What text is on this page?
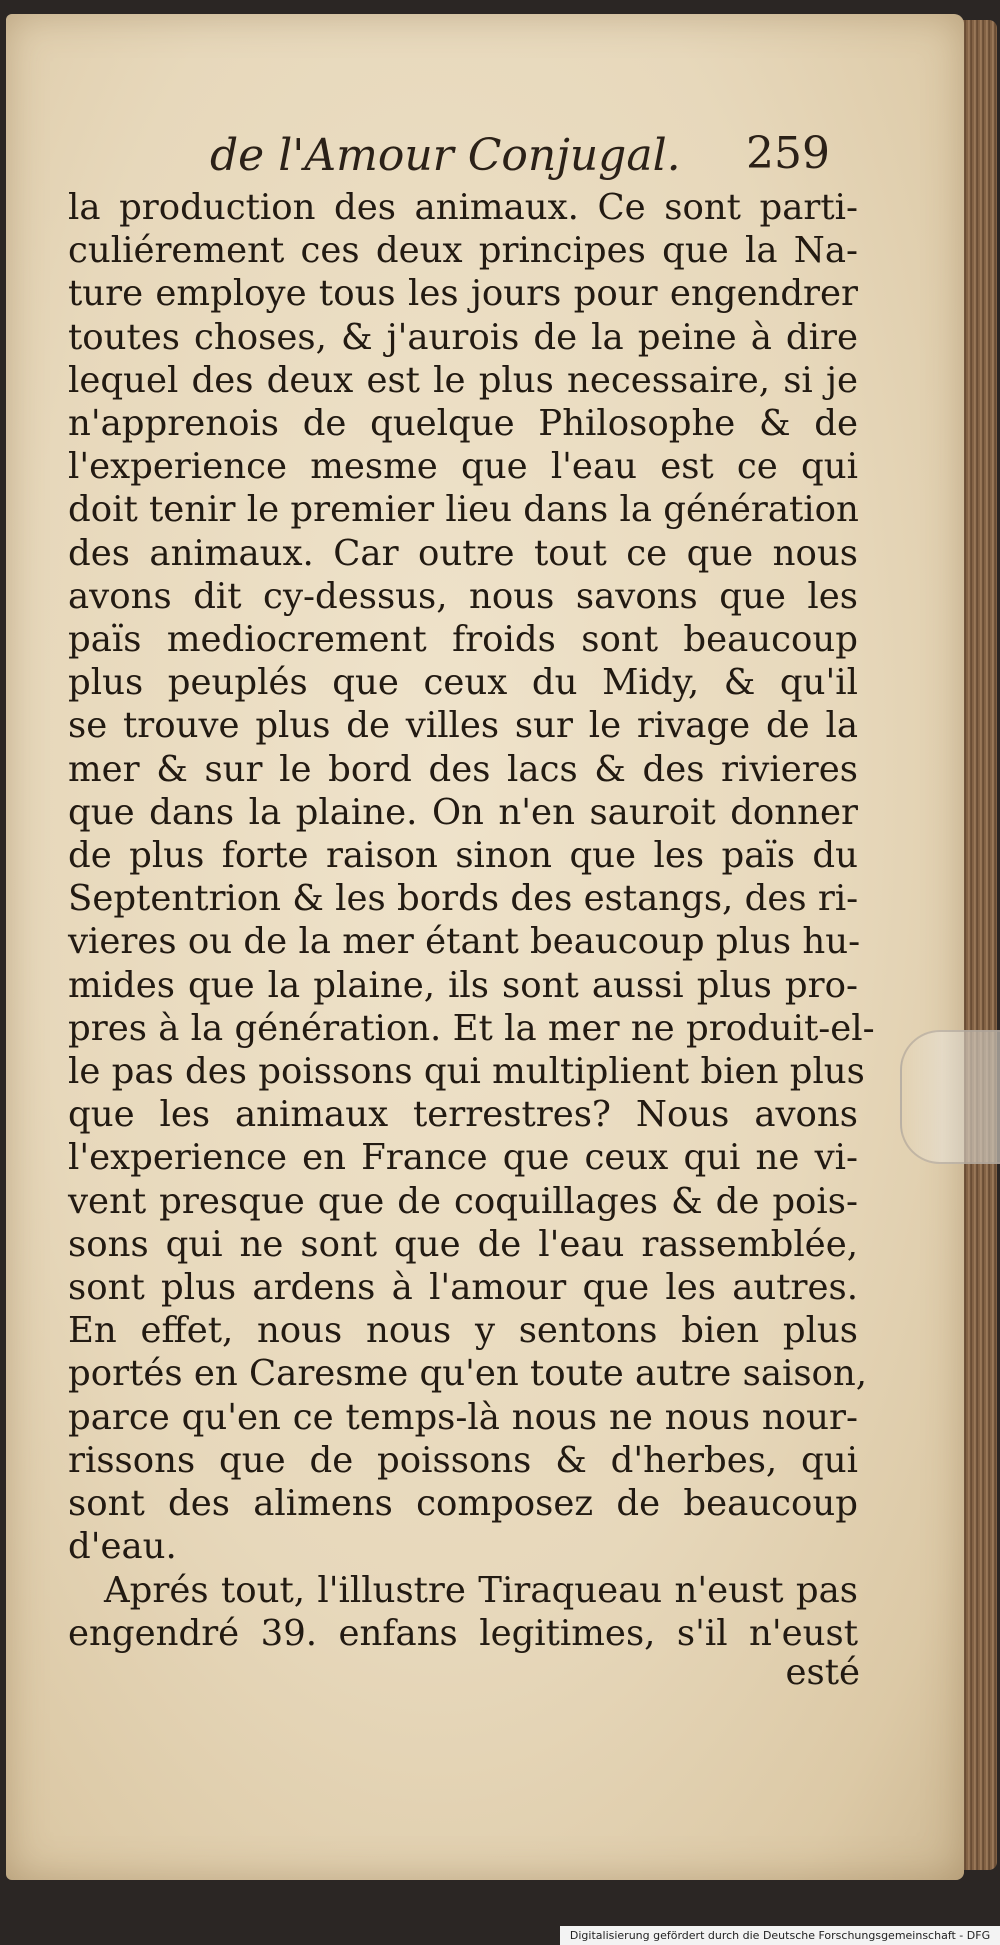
de l'Amour Conjugal. 259
la production des animaux. Ce sont parti-
culiérement ces deux principes que la Na-
ture employe tous les jours pour engendrer
toutes choses, & j'aurois de la peine à dire
lequel des deux est le plus necessaire, si je
n'apprenois de quelque Philosophe & de
l'experience mesme que l'eau est ce qui
doit tenir le premier lieu dans la génération
des animaux. Car outre tout ce que nous
avons dit cy-dessus, nous savons que les
païs mediocrement froids sont beaucoup
plus peuplés que ceux du Midy, & qu'il
se trouve plus de villes sur le rivage de la
mer & sur le bord des lacs & des rivieres
que dans la plaine. On n'en sauroit donner
de plus forte raison sinon que les païs du
Septentrion & les bords des estangs, des ri-
vieres ou de la mer étant beaucoup plus hu-
mides que la plaine, ils sont aussi plus pro-
pres à la génération. Et la mer ne produit-el-
le pas des poissons qui multiplient bien plus
que les animaux terrestres? Nous avons
l'experience en France que ceux qui ne vi-
vent presque que de coquillages & de pois-
sons qui ne sont que de l'eau rassemblée,
sont plus ardens à l'amour que les autres.
En effet, nous nous y sentons bien plus
portés en Caresme qu'en toute autre saison,
parce qu'en ce temps-là nous ne nous nour-
rissons que de poissons & d'herbes, qui
sont des alimens composez de beaucoup
d'eau.
Aprés tout, l'illustre Tiraqueau n'eust pas
engendré 39. enfans legitimes, s'il n'eust
esté
Digitalisierung gefördert durch die Deutsche Forschungsgemeinschaft - DFG
